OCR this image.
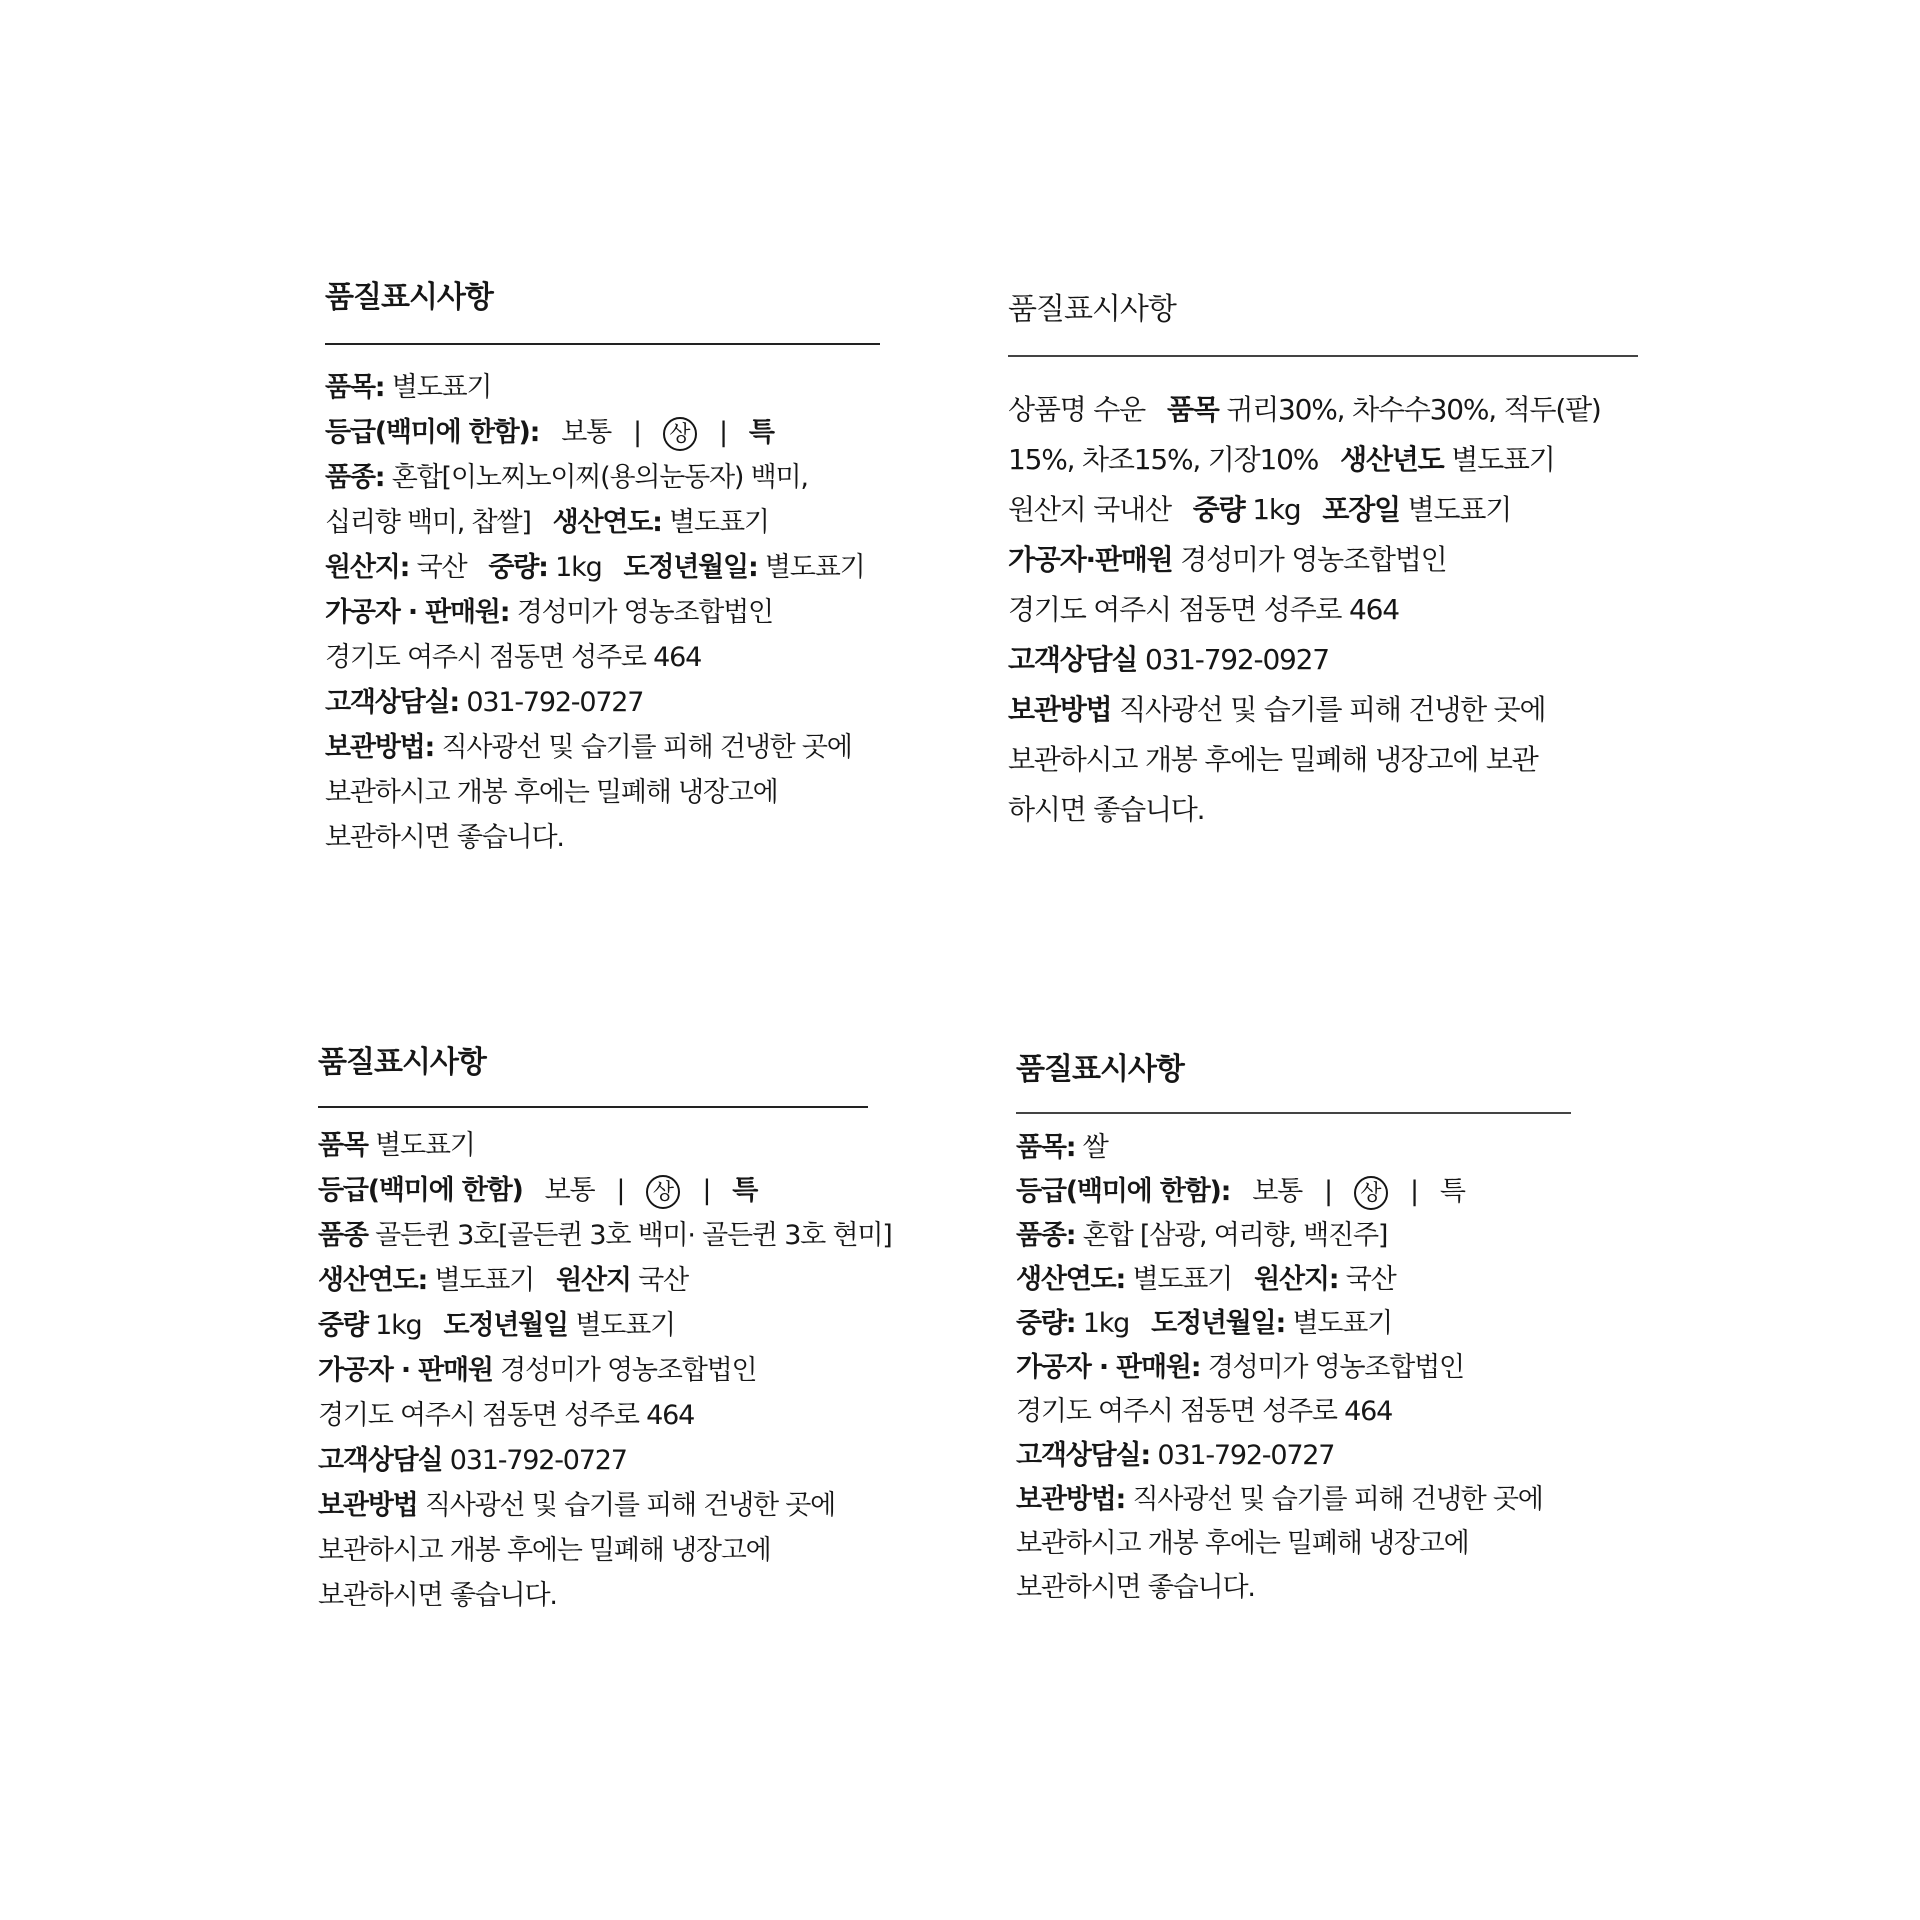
품질표시사항
품목: 별도표기
등급(백미에 한함): 보통 | 상 | 특
품종: 혼합[이노찌노이찌(용의눈동자) 백미,
십리향 백미, 찹쌀] 생산연도: 별도표기
원산지: 국산 중량: 1kg 도정년월일: 별도표기
가공자 · 판매원: 경성미가 영농조합법인
경기도 여주시 점동면 성주로 464
고객상담실: 031-792-0727
보관방법: 직사광선 및 습기를 피해 건냉한 곳에
보관하시고 개봉 후에는 밀폐해 냉장고에
보관하시면 좋습니다.
품질표시사항
상품명 수운 품목 귀리30%, 차수수30%, 적두(팥)
15%, 차조15%, 기장10% 생산년도 별도표기
원산지 국내산 중량 1kg 포장일 별도표기
가공자·판매원 경성미가 영농조합법인
경기도 여주시 점동면 성주로 464
고객상담실 031-792-0927
보관방법 직사광선 및 습기를 피해 건냉한 곳에
보관하시고 개봉 후에는 밀폐해 냉장고에 보관
하시면 좋습니다.
품질표시사항
품목 별도표기
등급(백미에 한함) 보통 | 상 | 특
품종 골든퀸 3호[골든퀸 3호 백미· 골든퀸 3호 현미]
생산연도: 별도표기 원산지 국산
중량 1kg 도정년월일 별도표기
가공자 · 판매원 경성미가 영농조합법인
경기도 여주시 점동면 성주로 464
고객상담실 031-792-0727
보관방법 직사광선 및 습기를 피해 건냉한 곳에
보관하시고 개봉 후에는 밀폐해 냉장고에
보관하시면 좋습니다.
품질표시사항
품목: 쌀
등급(백미에 한함): 보통 | 상 | 특
품종: 혼합 [삼광, 여리향, 백진주]
생산연도: 별도표기 원산지: 국산
중량: 1kg 도정년월일: 별도표기
가공자 · 판매원: 경성미가 영농조합법인
경기도 여주시 점동면 성주로 464
고객상담실: 031-792-0727
보관방법: 직사광선 및 습기를 피해 건냉한 곳에
보관하시고 개봉 후에는 밀폐해 냉장고에
보관하시면 좋습니다.
